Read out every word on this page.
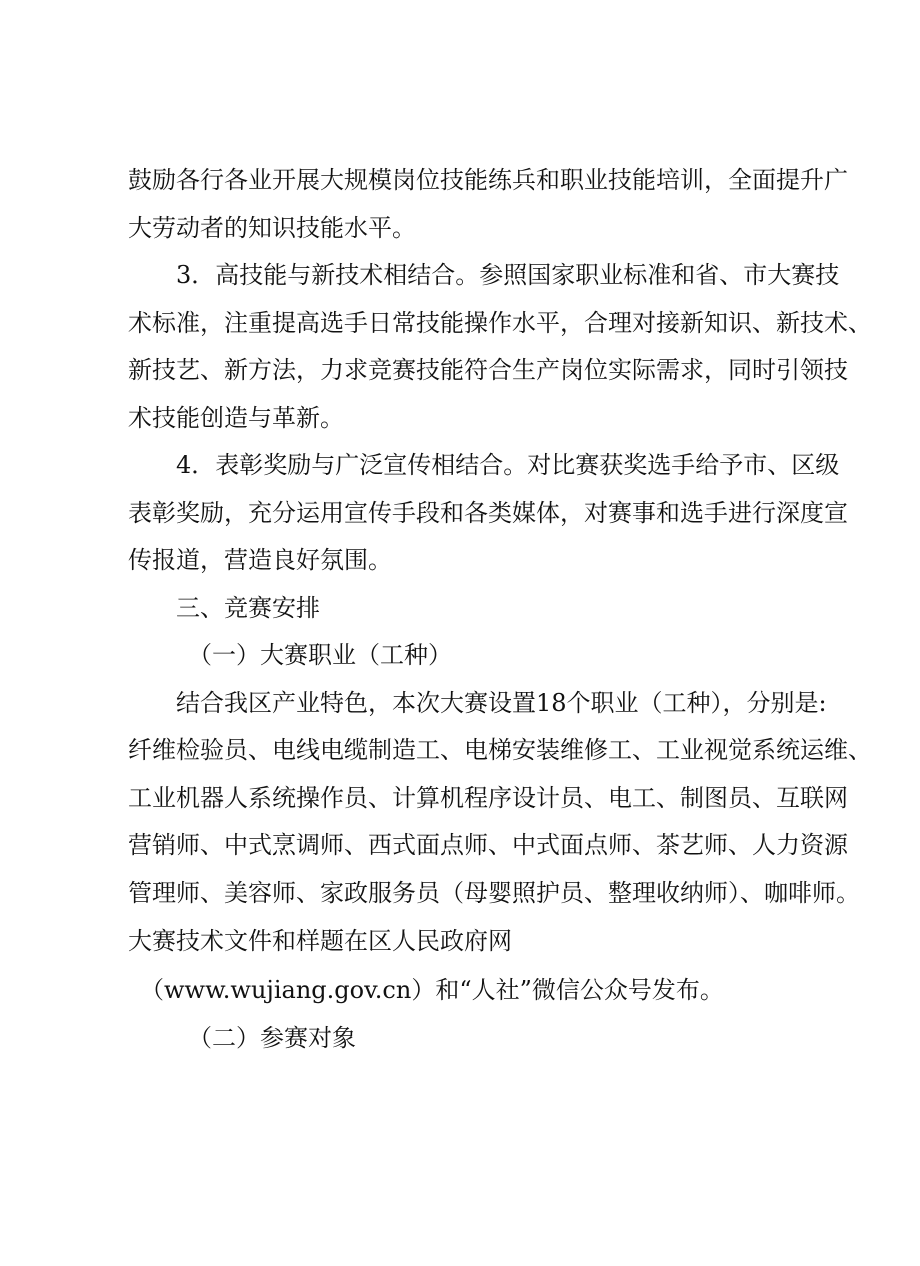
鼓励各行各业开展大规模岗位技能练兵和职业技能培训，全面提升广
大劳动者的知识技能水平。
3．高技能与新技术相结合。参照国家职业标准和省、市大赛技
术标准，注重提高选手日常技能操作水平，合理对接新知识、新技术、
新技艺、新方法，力求竞赛技能符合生产岗位实际需求，同时引领技
术技能创造与革新。
4．表彰奖励与广泛宣传相结合。对比赛获奖选手给予市、区级
表彰奖励，充分运用宣传手段和各类媒体，对赛事和选手进行深度宣
传报道，营造良好氛围。
三、竞赛安排
（一）大赛职业（工种）
结合我区产业特色，本次大赛设置18个职业（工种），分别是:
纤维检验员、电线电缆制造工、电梯安装维修工、工业视觉系统运维、
工业机器人系统操作员、计算机程序设计员、电工、制图员、互联网
营销师、中式烹调师、西式面点师、中式面点师、茶艺师、人力资源
管理师、美容师、家政服务员（母婴照护员、整理收纳师）、咖啡师。
大赛技术文件和样题在区人民政府网
（www.wujiang.gov.cn）和“人社”微信公众号发布。
（二）参赛对象
